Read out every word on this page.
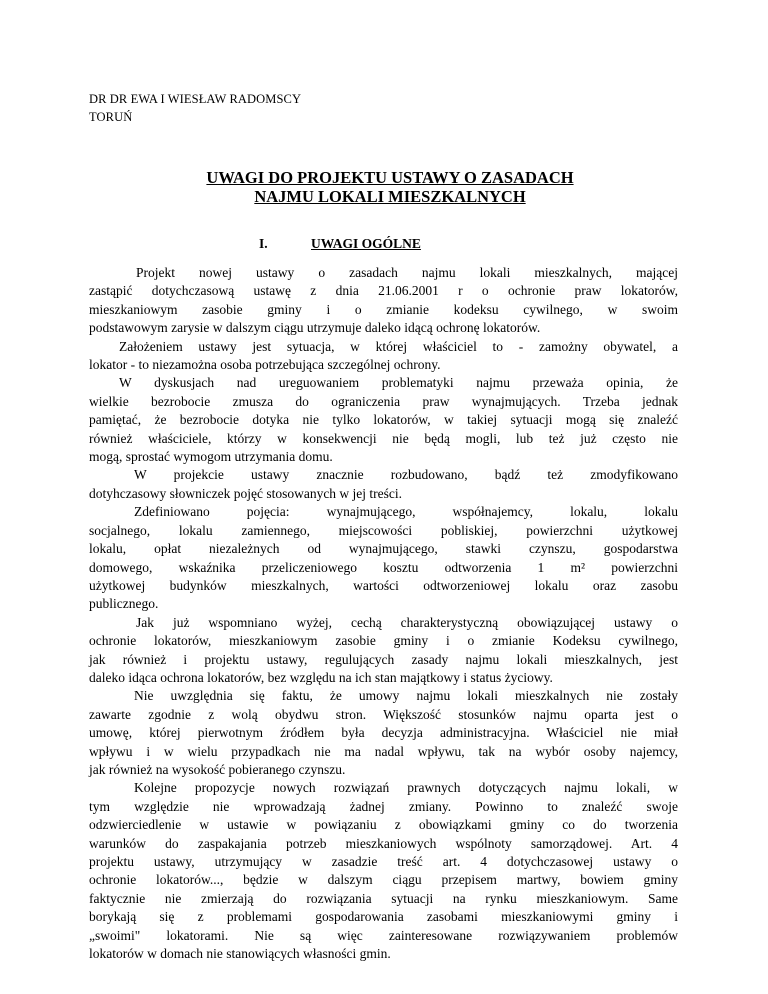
DR DR EWA I WIESŁAW RADOMSCY
TORUŃ
UWAGI DO PROJEKTU USTAWY O ZASADACH
NAJMU LOKALI MIESZKALNYCH
I.	UWAGI OGÓLNE

Projekt nowej ustawy o zasadach najmu lokali mieszkalnych, mającej
zastąpić dotychczasową ustawę z dnia 21.06.2001 r o ochronie praw lokatorów,
mieszkaniowym zasobie gminy i o zmianie kodeksu cywilnego, w swoim
podstawowym zarysie w dalszym ciągu utrzymuje daleko idącą ochronę lokatorów.

Założeniem ustawy jest sytuacja, w której właściciel to - zamożny obywatel, a
lokator - to niezamożna osoba potrzebująca szczególnej ochrony.

W dyskusjach nad ureguowaniem problematyki najmu przeważa opinia, że
wielkie bezrobocie zmusza do ograniczenia praw wynajmujących. Trzeba jednak
pamiętać, że bezrobocie dotyka nie tylko lokatorów, w takiej sytuacji mogą się znaleźć
również właściciele, którzy w konsekwencji nie będą mogli, lub też już często nie
mogą, sprostać wymogom utrzymania domu.

W projekcie ustawy znacznie rozbudowano, bądź też zmodyfikowano
dotyhczasowy słowniczek pojęć stosowanych w jej treści.

Zdefiniowano pojęcia: wynajmującego, współnajemcy, lokalu, lokalu
socjalnego, lokalu zamiennego, miejscowości pobliskiej, powierzchni użytkowej
lokalu, opłat niezależnych od wynajmującego, stawki czynszu, gospodarstwa
domowego, wskaźnika przeliczeniowego kosztu odtworzenia 1 m² powierzchni
użytkowej budynków mieszkalnych, wartości odtworzeniowej lokalu oraz zasobu
publicznego.

Jak już wspomniano wyżej, cechą charakterystyczną obowiązującej ustawy o
ochronie lokatorów, mieszkaniowym zasobie gminy i o zmianie Kodeksu cywilnego,
jak również i projektu ustawy, regulujących zasady najmu lokali mieszkalnych, jest
daleko idąca ochrona lokatorów, bez względu na ich stan majątkowy i status życiowy.

Nie uwzględnia się faktu, że umowy najmu lokali mieszkalnych nie zostały
zawarte zgodnie z wolą obydwu stron. Większość stosunków najmu oparta jest o
umowę, której pierwotnym źródłem była decyzja administracyjna. Właściciel nie miał
wpływu i w wielu przypadkach nie ma nadal wpływu, tak na wybór osoby najemcy,
jak również na wysokość pobieranego czynszu.

Kolejne propozycje nowych rozwiązań prawnych dotyczących najmu lokali, w
tym względzie nie wprowadzają żadnej zmiany. Powinno to znaleźć swoje
odzwierciedlenie w ustawie w powiązaniu z obowiązkami gminy co do tworzenia
warunków do zaspakajania potrzeb mieszkaniowych wspólnoty samorządowej. Art. 4
projektu ustawy, utrzymujący w zasadzie treść art. 4 dotychczasowej ustawy o
ochronie lokatorów..., będzie w dalszym ciągu przepisem martwy, bowiem gminy
faktycznie nie zmierzają do rozwiązania sytuacji na rynku mieszkaniowym. Same
borykają się z problemami gospodarowania zasobami mieszkaniowymi gminy i
„swoimi" lokatorami. Nie są więc zainteresowane rozwiązywaniem problemów
lokatorów w domach nie stanowiących własności gmin.
